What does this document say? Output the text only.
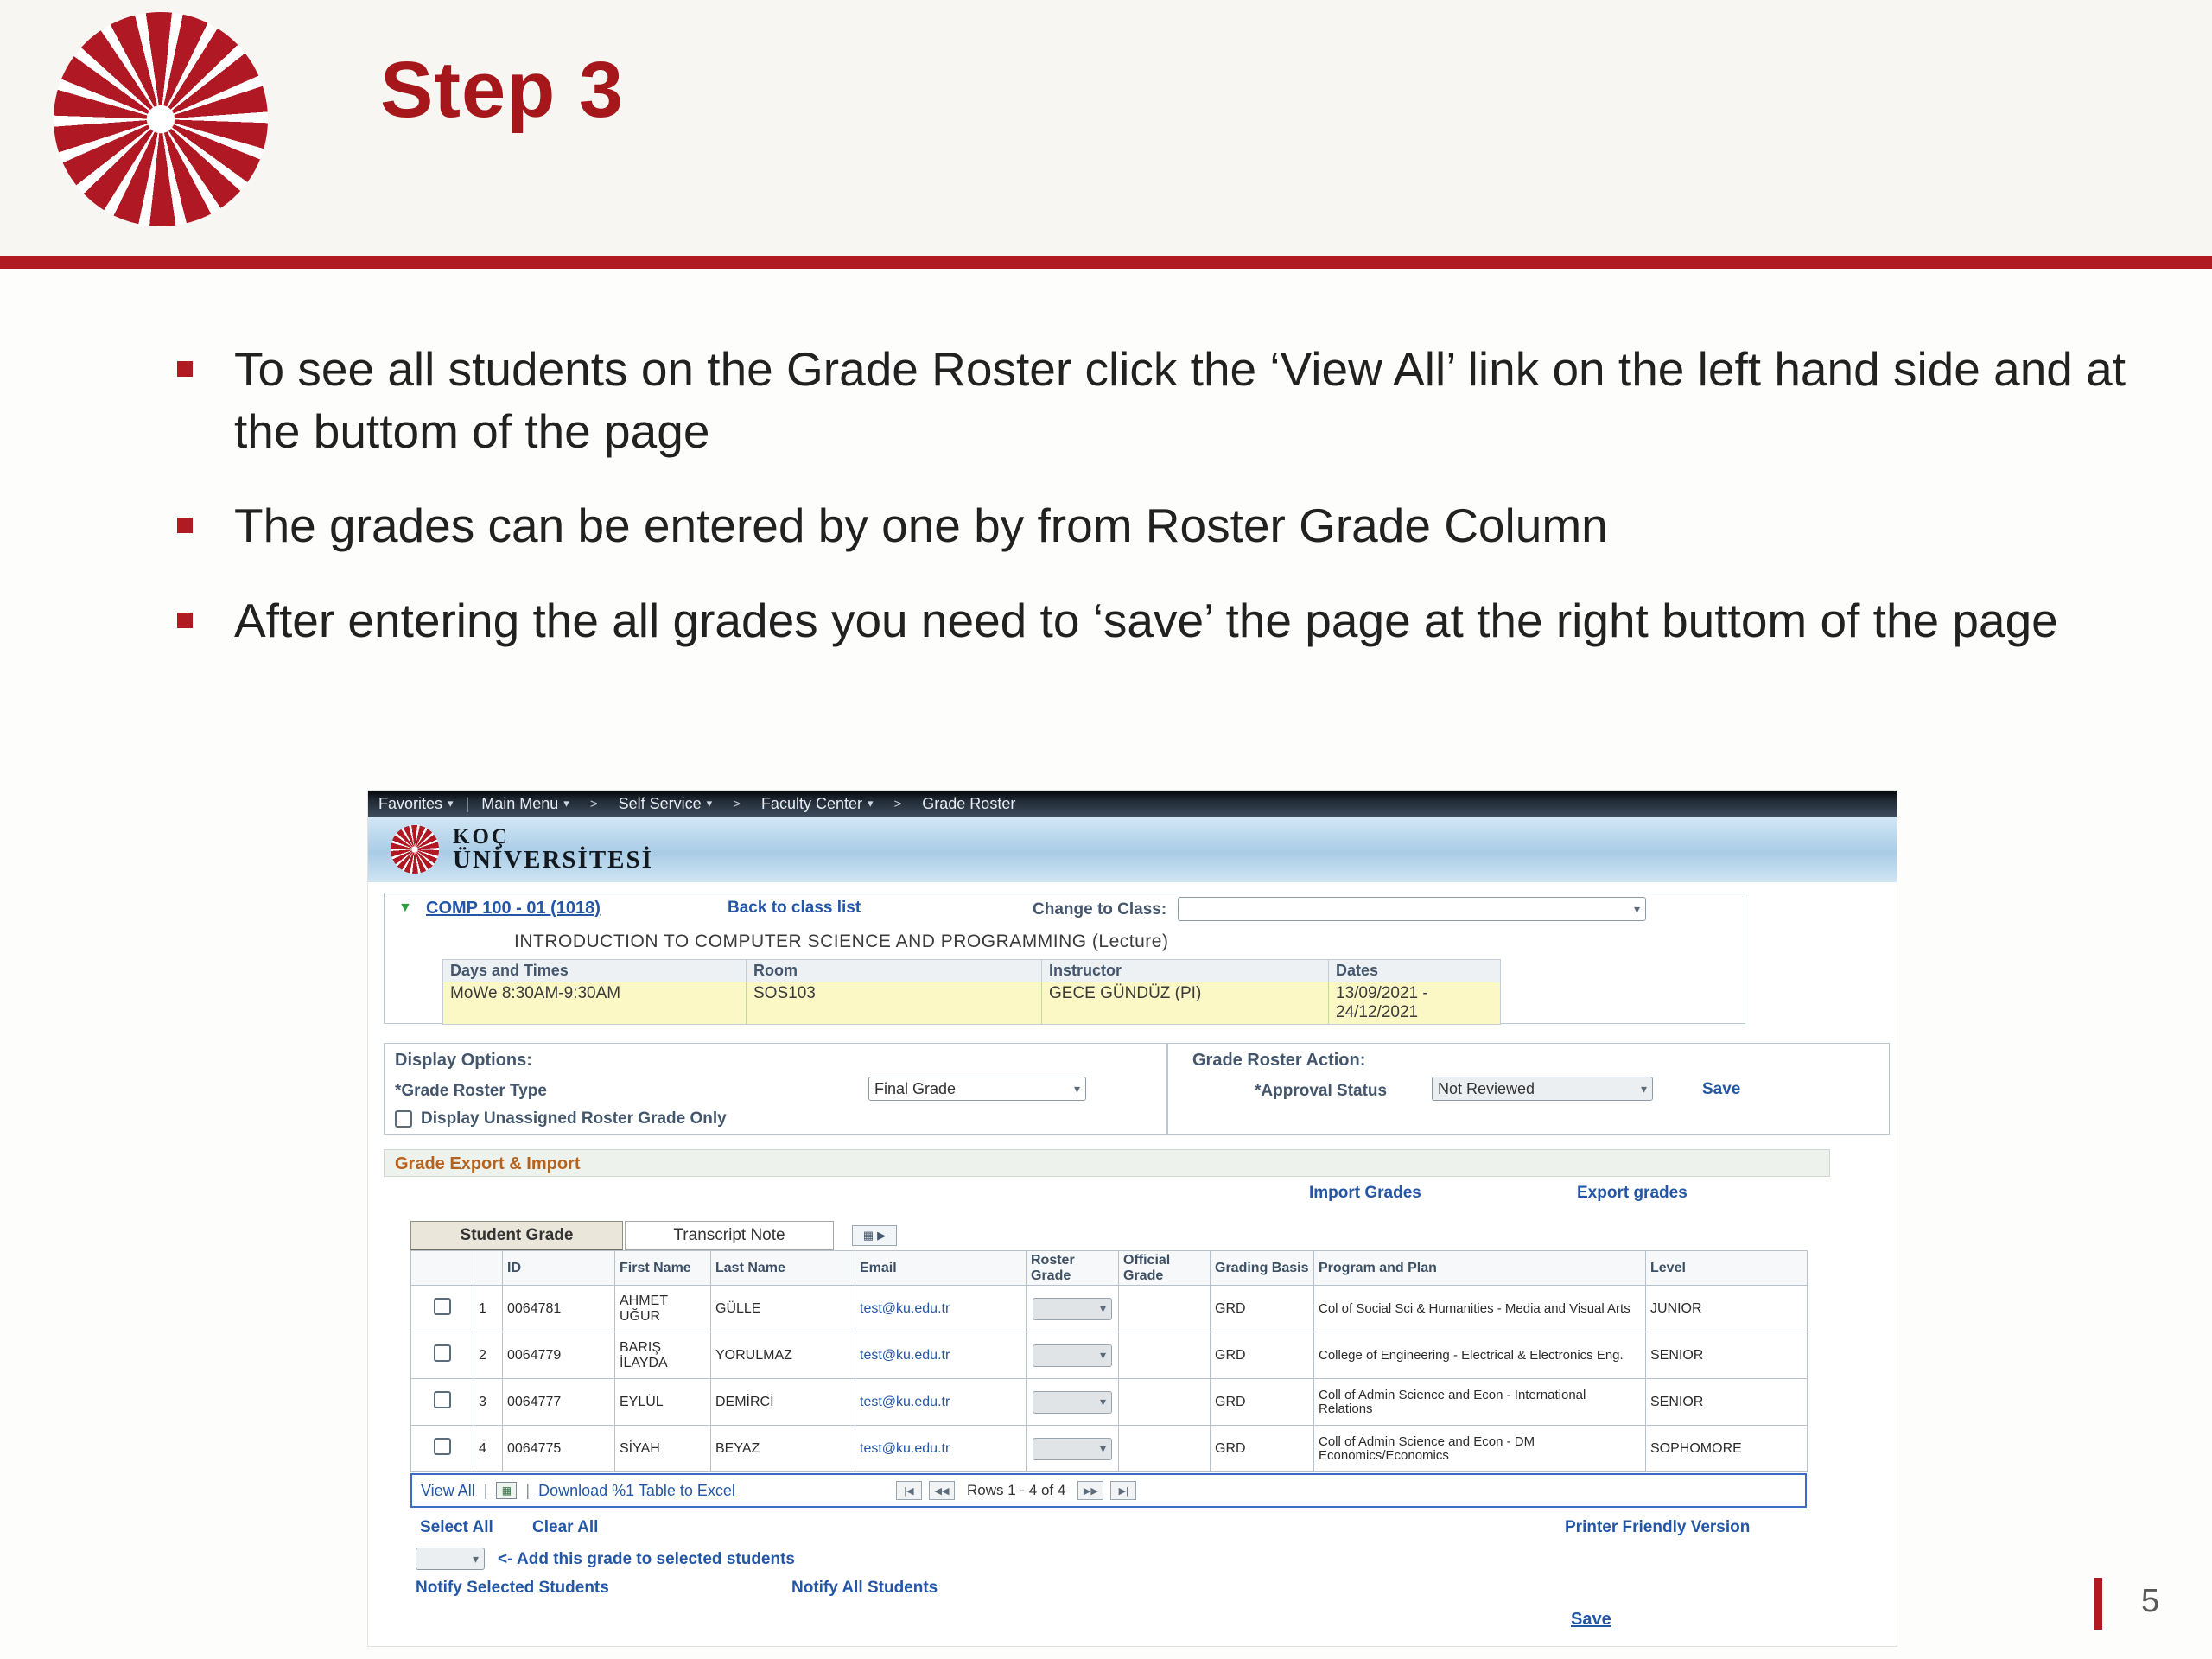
Step 3
To see all students on the Grade Roster click the ‘View All’ link on the left hand side and at the buttom of the page
The grades can be entered by one by from Roster Grade Column
After entering the all grades you need to ‘save’ the page at the right buttom of the page
Favorites ▾ | Main Menu ▾	>	Self Service ▾	>	Faculty Center ▾	>	Grade Roster
KOÇ
ÜNİVERSİTESİ
▼ COMP 100 - 01 (1018)	Back to class list	Change to Class:	▾
INTRODUCTION TO COMPUTER SCIENCE AND PROGRAMMING (Lecture)
Days and Times	Room	Instructor	Dates
MoWe 8:30AM-9:30AM	SOS103	GECE GÜNDÜZ (PI)	13/09/2021 - 24/12/2021
Display Options:
*Grade Roster Type	Final Grade	▾
Display Unassigned Roster Grade Only
Grade Roster Action:
*Approval Status	Not Reviewed	▾	Save
Grade Export & Import
Import Grades	Export grades
Student Grade	Transcript Note	▦ ▶
		ID	First Name	Last Name	Email	Roster Grade	Official Grade	Grading Basis	Program and Plan	Level
	1	0064781	AHMET UĞUR	GÜLLE	test@ku.edu.tr	▾		GRD	Col of Social Sci & Humanities - Media and Visual Arts	JUNIOR
	2	0064779	BARIŞ İLAYDA	YORULMAZ	test@ku.edu.tr	▾		GRD	College of Engineering - Electrical & Electronics Eng.	SENIOR
	3	0064777	EYLÜL	DEMİRCİ	test@ku.edu.tr	▾		GRD	Coll of Admin Science and Econ - International Relations	SENIOR
	4	0064775	SİYAH	BEYAZ	test@ku.edu.tr	▾		GRD	Coll of Admin Science and Econ - DM Economics/Economics	SOPHOMORE
View All |	▦ | Download %1 Table to Excel	|◀	◀◀	Rows 1 - 4 of 4	▶▶	▶|
Select All Clear All	Printer Friendly Version
▾ <- Add this grade to selected students
Notify Selected Students	Notify All Students
Save	5
